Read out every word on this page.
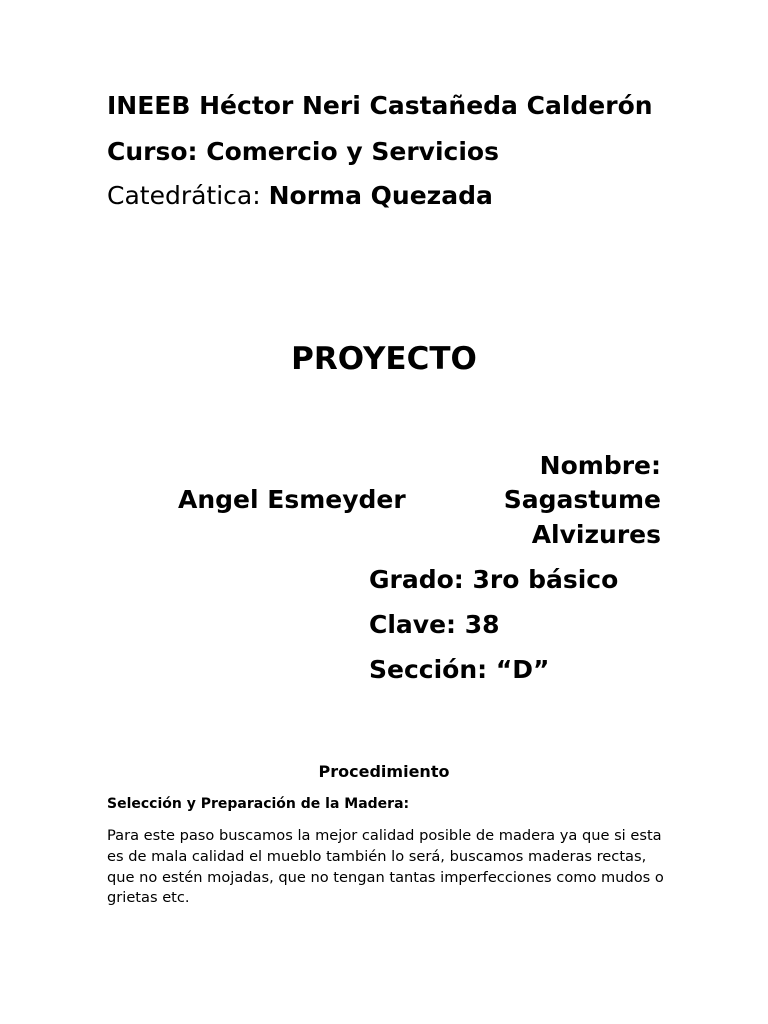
INEEB Héctor Neri Castañeda Calderón
Curso: Comercio y Servicios
Catedrática: Norma Quezada
PROYECTO
Nombre:
Angel Esmeyder	Sagastume
Alvizures
Grado: 3ro básico
Clave: 38
Sección: “D”
Procedimiento
Selección y Preparación de la Madera:
Para este paso buscamos la mejor calidad posible de madera ya que si esta es de mala calidad el mueblo también lo será, buscamos maderas rectas, que no estén mojadas, que no tengan tantas imperfecciones como mudos o grietas etc.
